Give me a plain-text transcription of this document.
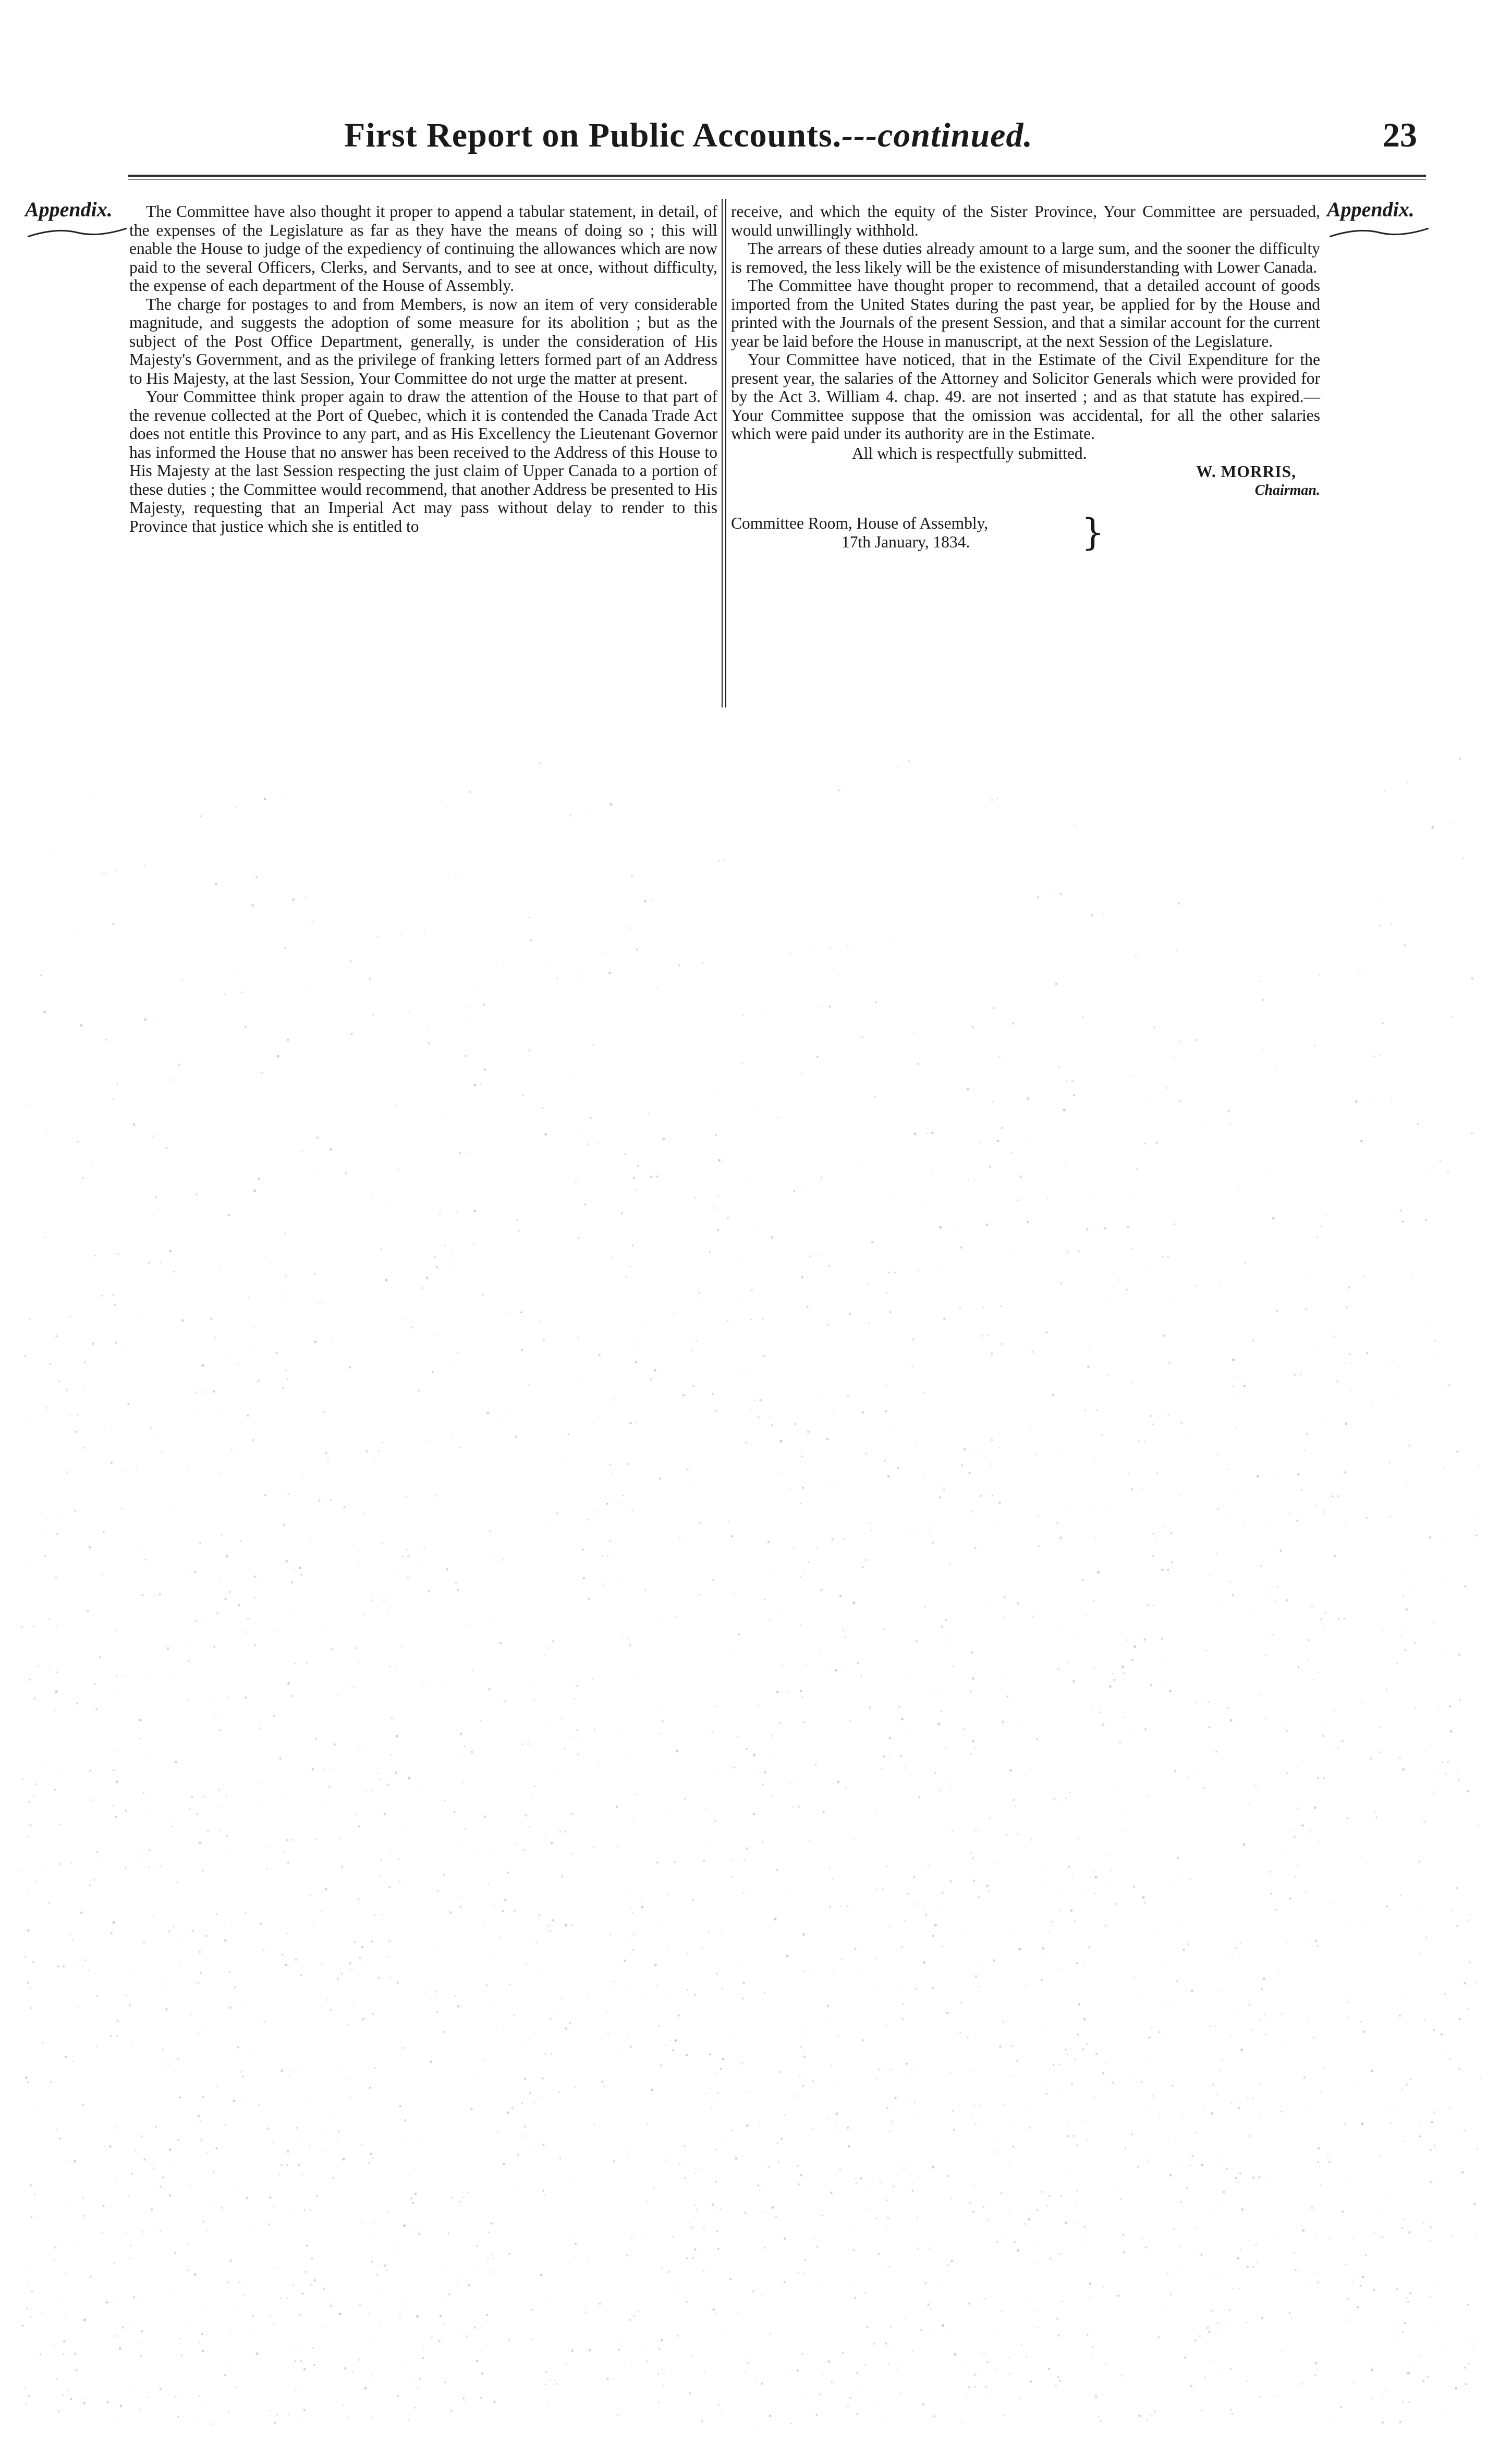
First Report on Public Accounts.---continued.	23
Appendix.	Appendix.

The Committee have also thought it proper to append a tabular statement, in detail, of the expenses of the Legislature as far as they have the means of doing so ; this will enable the House to judge of the expediency of continuing the allowances which are now paid to the several Officers, Clerks, and Servants, and to see at once, without difficulty, the expense of each department of the House of Assembly.

The charge for postages to and from Members, is now an item of very considerable magnitude, and suggests the adoption of some measure for its abolition ; but as the subject of the Post Office Department, generally, is under the consideration of His Majesty's Government, and as the privilege of franking letters formed part of an Address to His Majesty, at the last Session, Your Committee do not urge the matter at present.

Your Committee think proper again to draw the attention of the House to that part of the revenue collected at the Port of Quebec, which it is contended the Canada Trade Act does not entitle this Province to any part, and as His Excellency the Lieutenant Governor has informed the House that no answer has been received to the Address of this House to His Majesty at the last Session respecting the just claim of Upper Canada to a portion of these duties ; the Committee would recommend, that another Address be presented to His Majesty, requesting that an Imperial Act may pass without delay to render to this Province that justice which she is entitled to

receive, and which the equity of the Sister Province, Your Committee are persuaded, would unwillingly withhold.

The arrears of these duties already amount to a large sum, and the sooner the difficulty is removed, the less likely will be the existence of misunderstanding with Lower Canada.

The Committee have thought proper to recommend, that a detailed account of goods imported from the United States during the past year, be applied for by the House and printed with the Journals of the present Session, and that a similar account for the current year be laid before the House in manuscript, at the next Session of the Legislature.

Your Committee have noticed, that in the Estimate of the Civil Expenditure for the present year, the salaries of the Attorney and Solicitor Generals which were provided for by the Act 3. William 4. chap. 49. are not inserted ; and as that statute has expired.— Your Committee suppose that the omission was accidental, for all the other salaries which were paid under its authority are in the Estimate.

All which is respectfully submitted.

W. MORRIS,

Chairman.

Committee Room, House of Assembly,

17th January, 1834.	}
